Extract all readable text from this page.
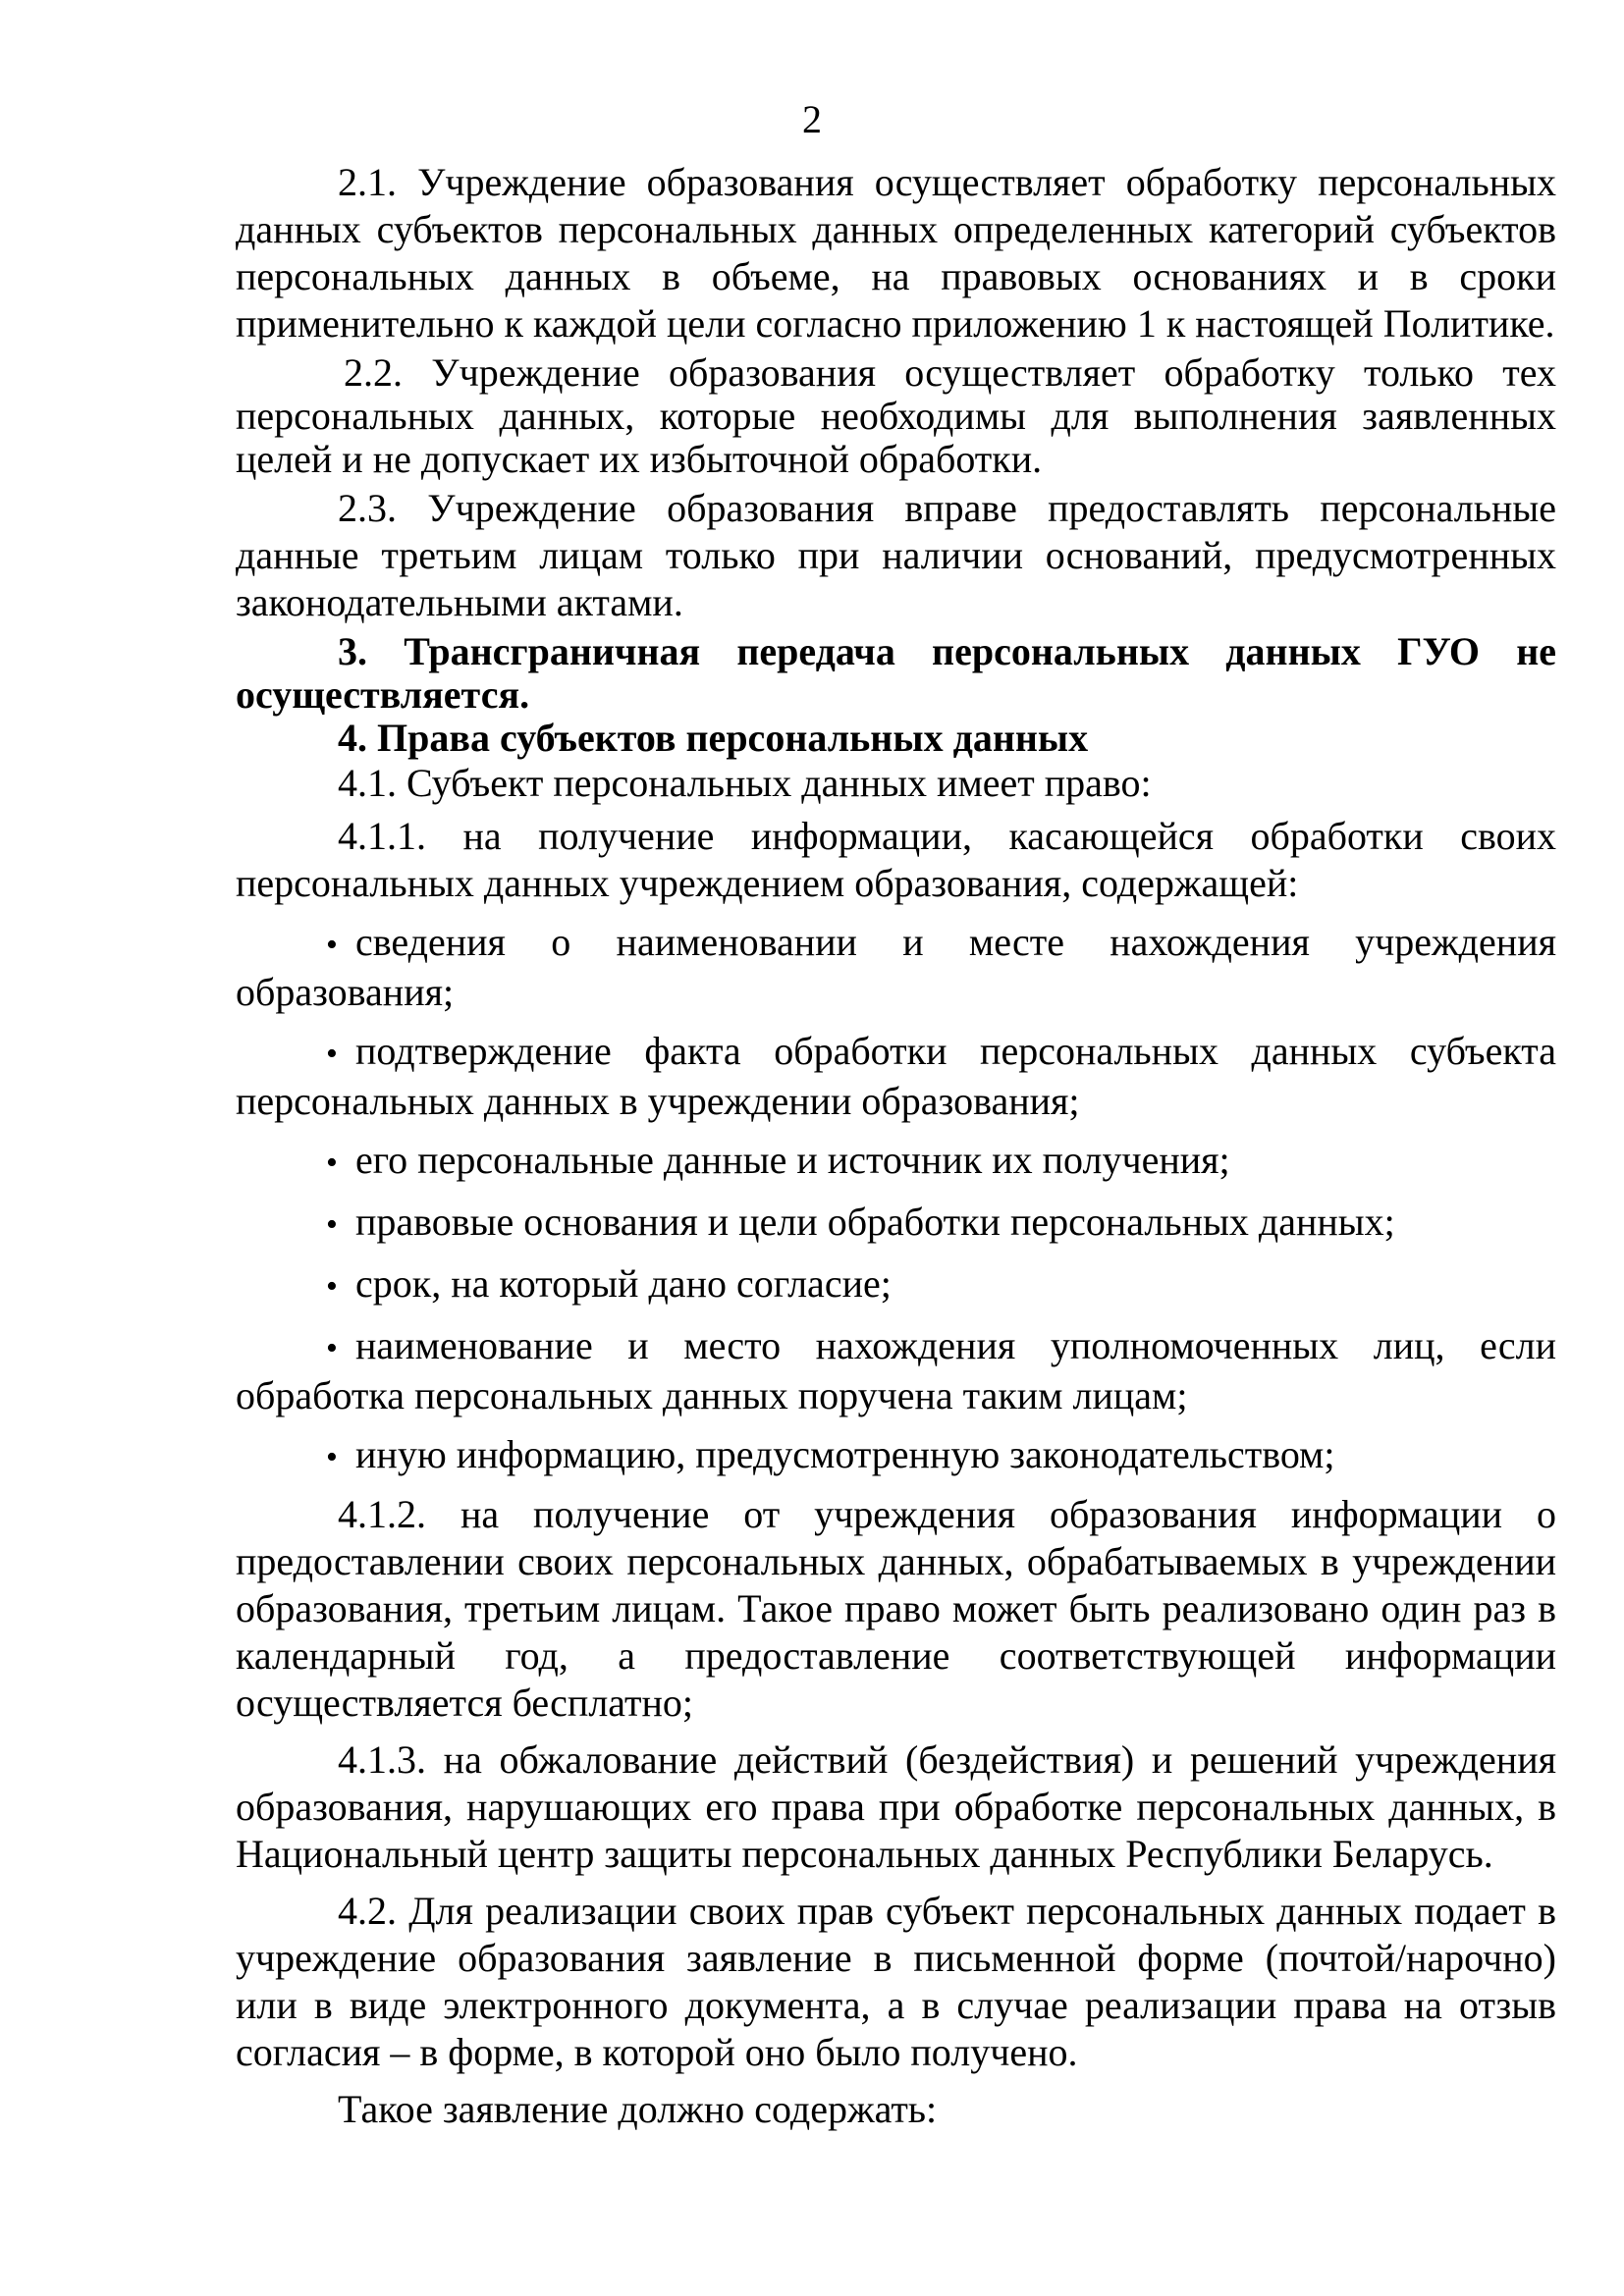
2

2.1. Учреждение образования осуществляет обработку персональных данных субъектов персональных данных определенных категорий субъектов персональных данных в объеме, на правовых основаниях и в сроки применительно к каждой цели согласно приложению 1 к настоящей Политике.

2.2. Учреждение образования осуществляет обработку только тех персональных данных, которые необходимы для выполнения заявленных целей и не допускает их избыточной обработки.

2.3. Учреждение образования вправе предоставлять персональные данные третьим лицам только при наличии оснований, предусмотренных законодательными актами.

3. Трансграничная передача персональных данных ГУО не осуществляется.

4. Права субъектов персональных данных

4.1. Субъект персональных данных имеет право:

4.1.1. на получение информации, касающейся обработки своих персональных данных учреждением образования, содержащей:

• сведения о наименовании и месте нахождения учреждения образования;

• подтверждение факта обработки персональных данных субъекта персональных данных в учреждении образования;

• его персональные данные и источник их получения;

• правовые основания и цели обработки персональных данных;

• срок, на который дано согласие;

• наименование и место нахождения уполномоченных лиц, если обработка персональных данных поручена таким лицам;

• иную информацию, предусмотренную законодательством;

4.1.2. на получение от учреждения образования информации о предоставлении своих персональных данных, обрабатываемых в учреждении образования, третьим лицам. Такое право может быть реализовано один раз в календарный год, а предоставление соответствующей информации осуществляется бесплатно;

4.1.3. на обжалование действий (бездействия) и решений учреждения образования, нарушающих его права при обработке персональных данных, в Национальный центр защиты персональных данных Республики Беларусь.

4.2. Для реализации своих прав субъект персональных данных подает в учреждение образования заявление в письменной форме (почтой/нарочно) или в виде электронного документа, а в случае реализации права на отзыв согласия – в форме, в которой оно было получено.

Такое заявление должно содержать:
